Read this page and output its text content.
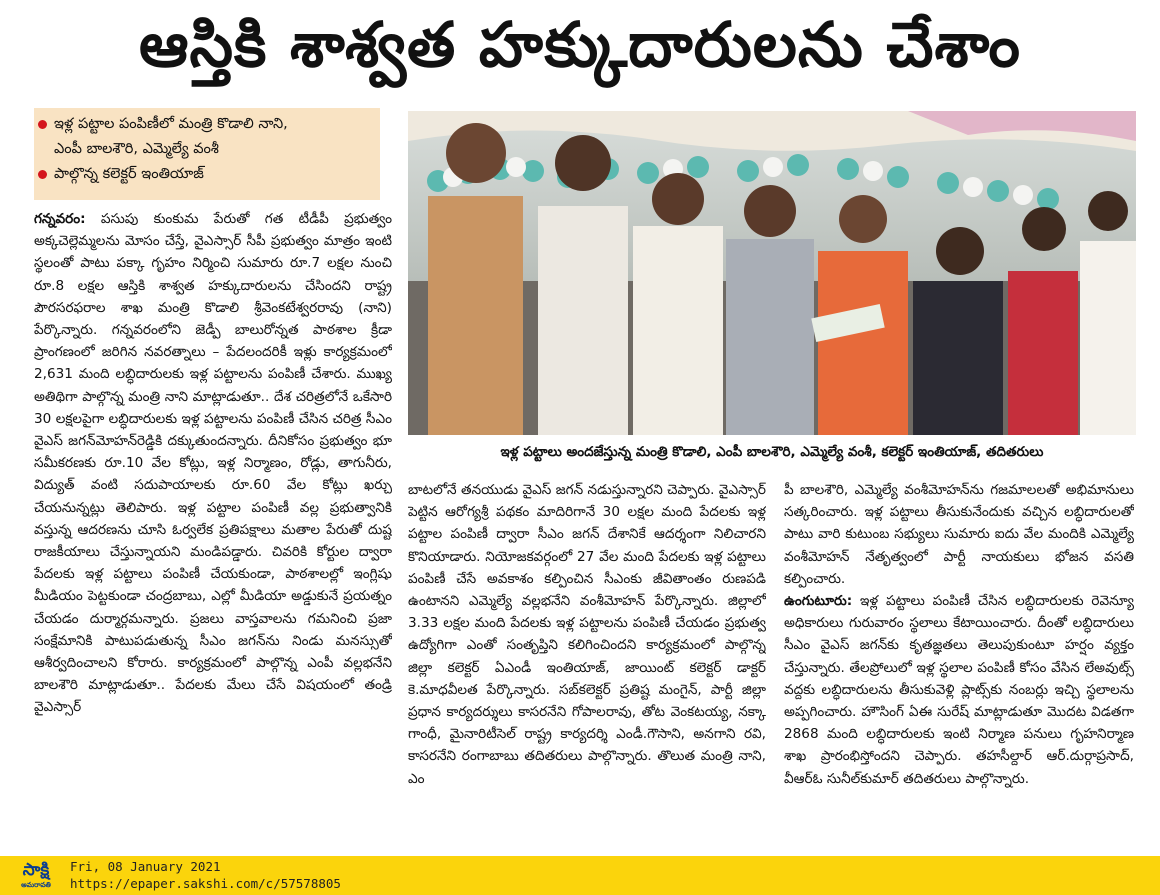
ఆస్తికి శాశ్వత హక్కుదారులను చేశాం
ఇళ్ల పట్టాల పంపిణీలో మంత్రి కొడాలి నాని,
ఎంపీ బాలశౌరి, ఎమ్మెల్యే వంశీ
పాల్గొన్న కలెక్టర్ ఇంతియాజ్
ఇళ్ల పట్టాలు అందజేస్తున్న మంత్రి కొడాలి, ఎంపీ బాలశౌరి, ఎమ్మెల్యే వంశీ, కలెక్టర్ ఇంతియాజ్, తదితరులు

గన్నవరం: పసుపు కుంకుమ పేరుతో గత టీడీపీ ప్రభుత్వం అక్కచెల్లెమ్మలను మోసం చేస్తే, వైఎస్సార్ సీపీ ప్రభుత్వం మాత్రం ఇంటి స్థలంతో పాటు పక్కా గృహం నిర్మించి సుమారు రూ.7 లక్షల నుంచి రూ.8 లక్షల ఆస్తికి శాశ్వత హక్కుదారులను చేసిందని రాష్ట్ర పౌరసరఫరాల శాఖ మంత్రి కొడాలి శ్రీవెంకటేశ్వరరావు (నాని) పేర్కొన్నారు. గన్నవరంలోని జెడ్పీ బాలురోన్నత పాఠశాల క్రీడా ప్రాంగణంలో జరిగిన నవరత్నాలు – పేదలందరికీ ఇళ్లు కార్యక్రమంలో 2,631 మంది లబ్ధిదారులకు ఇళ్ల పట్టాలను పంపిణీ చేశారు. ముఖ్య అతిథిగా పాల్గొన్న మంత్రి నాని మాట్లాడుతూ.. దేశ చరిత్రలోనే ఒకేసారి 30 లక్షలపైగా లబ్ధిదారులకు ఇళ్ల పట్టాలను పంపిణీ చేసిన చరిత్ర సీఎం వైఎస్ జగన్‌మోహన్‌రెడ్డికి దక్కుతుందన్నారు. దీనికోసం ప్రభుత్వం భూ సమీకరణకు రూ.10 వేల కోట్లు, ఇళ్ల నిర్మాణం, రోడ్లు, తాగునీరు, విద్యుత్ వంటి సదుపాయాలకు రూ.60 వేల కోట్లు ఖర్చు చేయనున్నట్లు తెలిపారు. ఇళ్ల పట్టాల పంపిణీ వల్ల ప్రభుత్వానికి వస్తున్న ఆదరణను చూసి ఓర్వలేక ప్రతిపక్షాలు మతాల పేరుతో దుష్ట రాజకీయాలు చేస్తున్నాయని మండిపడ్డారు. చివరికి కోర్టుల ద్వారా పేదలకు ఇళ్ల పట్టాలు పంపిణీ చేయకుండా, పాఠశాలల్లో ఇంగ్లిషు మీడియం పెట్టకుండా చంద్రబాబు, ఎల్లో మీడియా అడ్డుకునే ప్రయత్నం చేయడం దుర్మార్గమన్నారు. ప్రజలు వాస్తవాలను గమనించి ప్రజా సంక్షేమానికి పాటుపడుతున్న సీఎం జగన్‌ను నిండు మనస్సుతో ఆశీర్వదించాలని కోరారు. కార్యక్రమంలో పాల్గొన్న ఎంపీ వల్లభనేని బాలశౌరి మాట్లాడుతూ.. పేదలకు మేలు చేసే విషయంలో తండ్రి వైఎస్సార్

బాటలోనే తనయుడు వైఎస్ జగన్ నడుస్తున్నారని చెప్పారు. వైఎస్సార్ పెట్టిన ఆరోగ్యశ్రీ పథకం మాదిరిగానే 30 లక్షల మంది పేదలకు ఇళ్ల పట్టాల పంపిణీ ద్వారా సీఎం జగన్ దేశానికే ఆదర్శంగా నిలిచారని కొనియాడారు. నియోజకవర్గంలో 27 వేల మంది పేదలకు ఇళ్ల పట్టాలు పంపిణీ చేసే అవకాశం కల్పించిన సీఎంకు జీవితాంతం రుణపడి ఉంటానని ఎమ్మెల్యే వల్లభనేని వంశీమోహన్ పేర్కొన్నారు. జిల్లాలో 3.33 లక్షల మంది పేదలకు ఇళ్ల పట్టాలను పంపిణీ చేయడం ప్రభుత్వ ఉద్యోగిగా ఎంతో సంతృప్తిని కలిగించిందని కార్యక్రమంలో పాల్గొన్న జిల్లా కలెక్టర్ ఏఎండీ ఇంతియాజ్, జాయింట్ కలెక్టర్ డాక్టర్ కె.మాధవీలత పేర్కొన్నారు. సబ్‌కలెక్టర్ ప్రతిష్ట మంగైన్, పార్టీ జిల్లా ప్రధాన కార్యదర్శులు కాసరనేని గోపాలరావు, తోట వెంకటయ్య, నక్కా గాంధీ, మైనారిటీసెల్ రాష్ట్ర కార్యదర్శి ఎండీ.గౌసాని, అనగాని రవి, కాసరనేని రంగాబాబు తదితరులు పాల్గొన్నారు. తొలుత మంత్రి నాని, ఎం

పీ బాలశౌరి, ఎమ్మెల్యే వంశీమోహన్‌ను గజమాలలతో అభిమానులు సత్కరించారు. ఇళ్ల పట్టాలు తీసుకునేందుకు వచ్చిన లబ్ధిదారులతో పాటు వారి కుటుంబ సభ్యులు సుమారు ఐదు వేల మందికి ఎమ్మెల్యే వంశీమోహన్ నేతృత్వంలో పార్టీ నాయకులు భోజన వసతి కల్పించారు.

ఉంగుటూరు: ఇళ్ల పట్టాలు పంపిణీ చేసిన లబ్ధిదారులకు రెవెన్యూ అధికారులు గురువారం స్థలాలు కేటాయించారు. దీంతో లబ్ధిదారులు సీఎం వైఎస్ జగన్‌కు కృతజ్ఞతలు తెలుపుకుంటూ హర్షం వ్యక్తం చేస్తున్నారు. తేలప్రోలులో ఇళ్ల స్థలాల పంపిణీ కోసం వేసిన లేఅవుట్స్ వద్దకు లబ్ధిదారులను తీసుకువెళ్లి ప్లాట్స్‌కు నంబర్లు ఇచ్చి స్థలాలను అప్పగించారు. హౌసింగ్ ఏఈ సురేష్ మాట్లాడుతూ మొదట విడతగా 2868 మంది లబ్ధిదారులకు ఇంటి నిర్మాణ పనులు గృహనిర్మాణ శాఖ ప్రారంభిస్తోందని చెప్పారు. తహసీల్దార్ ఆర్.దుర్గాప్రసాద్, వీఆర్ఓ సునీల్‌కుమార్ తదితరులు పాల్గొన్నారు.

సాక్షి
అమరావతి
Fri, 08 January 2021
https://epaper.sakshi.com/c/57578805
